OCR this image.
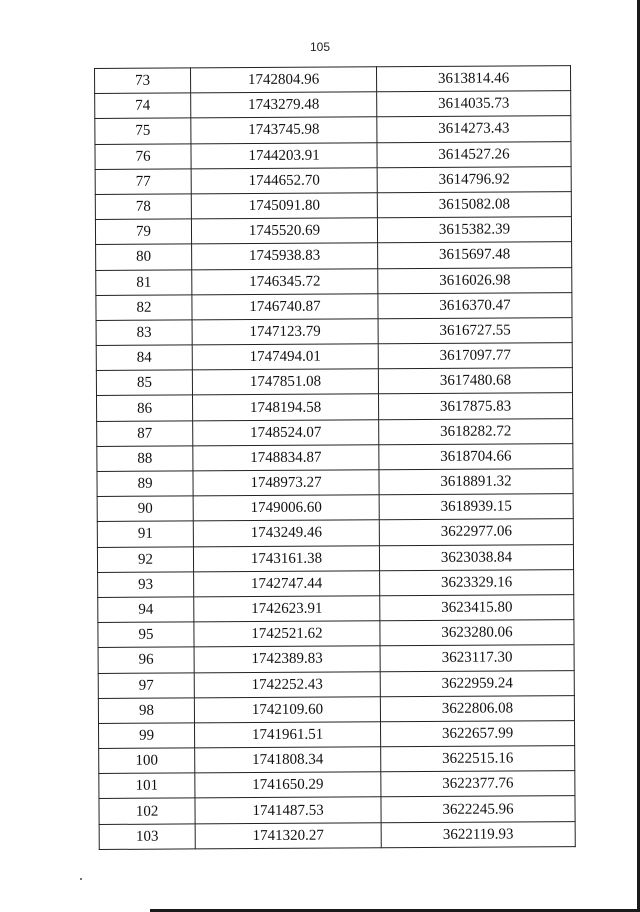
105
73	1742804.96	3613814.46
74	1743279.48	3614035.73
75	1743745.98	3614273.43
76	1744203.91	3614527.26
77	1744652.70	3614796.92
78	1745091.80	3615082.08
79	1745520.69	3615382.39
80	1745938.83	3615697.48
81	1746345.72	3616026.98
82	1746740.87	3616370.47
83	1747123.79	3616727.55
84	1747494.01	3617097.77
85	1747851.08	3617480.68
86	1748194.58	3617875.83
87	1748524.07	3618282.72
88	1748834.87	3618704.66
89	1748973.27	3618891.32
90	1749006.60	3618939.15
91	1743249.46	3622977.06
92	1743161.38	3623038.84
93	1742747.44	3623329.16
94	1742623.91	3623415.80
95	1742521.62	3623280.06
96	1742389.83	3623117.30
97	1742252.43	3622959.24
98	1742109.60	3622806.08
99	1741961.51	3622657.99
100	1741808.34	3622515.16
101	1741650.29	3622377.76
102	1741487.53	3622245.96
103	1741320.27	3622119.93
